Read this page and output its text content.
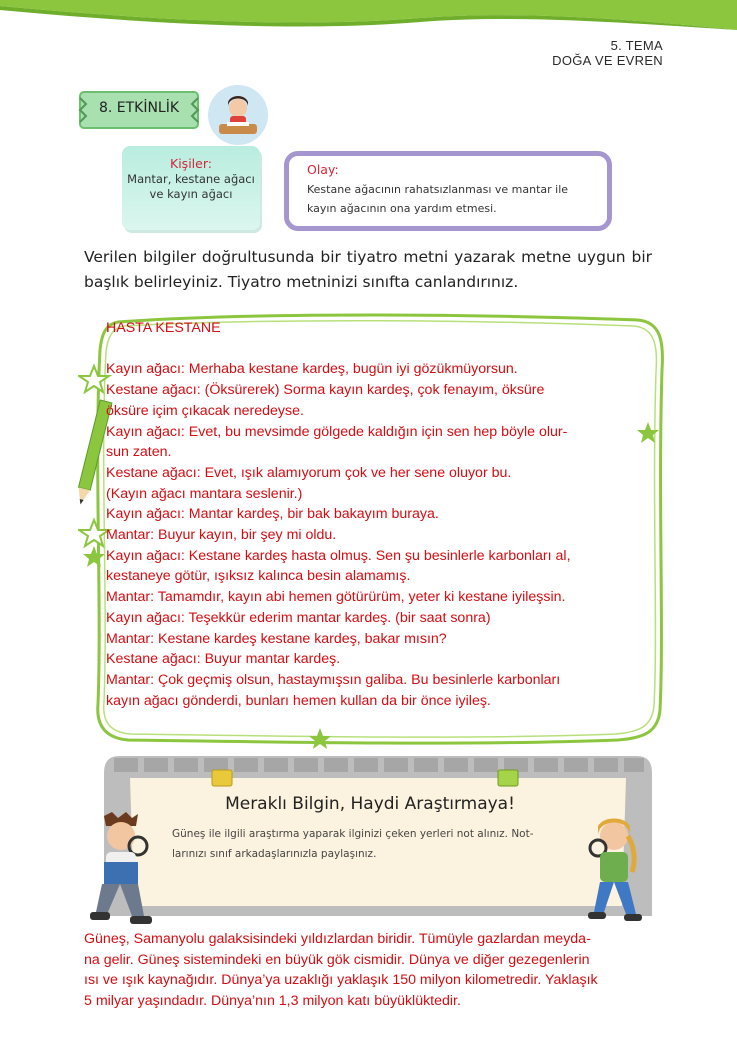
5. TEMA
DOĞA VE EVREN
8. ETKİNLİK
Kişiler:
Mantar, kestane ağacı
ve kayın ağacı
Olay:
Kestane ağacının rahatsızlanması ve mantar ile
kayın ağacının ona yardım etmesi.
Verilen bilgiler doğrultusunda bir tiyatro metni yazarak metne uygun bir başlık belirleyiniz. Tiyatro metninizi sınıfta canlandırınız.
HASTA KESTANE
Kayın ağacı: Merhaba kestane kardeş, bugün iyi gözükmüyorsun.
Kestane ağacı: (Öksürerek) Sorma kayın kardeş, çok fenayım, öksüre
öksüre içim çıkacak neredeyse.
Kayın ağacı: Evet, bu mevsimde gölgede kaldığın için sen hep böyle olur-
sun zaten.
Kestane ağacı: Evet, ışık alamıyorum çok ve her sene oluyor bu.
(Kayın ağacı mantara seslenir.)
Kayın ağacı: Mantar kardeş, bir bak bakayım buraya.
Mantar: Buyur kayın, bir şey mi oldu.
Kayın ağacı: Kestane kardeş hasta olmuş. Sen şu besinlerle karbonları al,
kestaneye götür, ışıksız kalınca besin alamamış.
Mantar: Tamamdır, kayın abi hemen götürürüm, yeter ki kestane iyileşsin.
Kayın ağacı: Teşekkür ederim mantar kardeş. (bir saat sonra)
Mantar: Kestane kardeş kestane kardeş, bakar mısın?
Kestane ağacı: Buyur mantar kardeş.
Mantar: Çok geçmiş olsun, hastaymışsın galiba. Bu besinlerle karbonları
kayın ağacı gönderdi, bunları hemen kullan da bir önce iyileş.
Meraklı Bilgin, Haydi Araştırmaya!
Güneş ile ilgili araştırma yaparak ilginizi çeken yerleri not alınız. Not-
larınızı sınıf arkadaşlarınızla paylaşınız.
Güneş, Samanyolu galaksisindeki yıldızlardan biridir. Tümüyle gazlardan meyda-
na gelir. Güneş sistemindeki en büyük gök cismidir. Dünya ve diğer gezegenlerin
ısı ve ışık kaynağıdır. Dünya’ya uzaklığı yaklaşık 150 milyon kilometredir. Yaklaşık
5 milyar yaşındadır. Dünya’nın 1,3 milyon katı büyüklüktedir.
